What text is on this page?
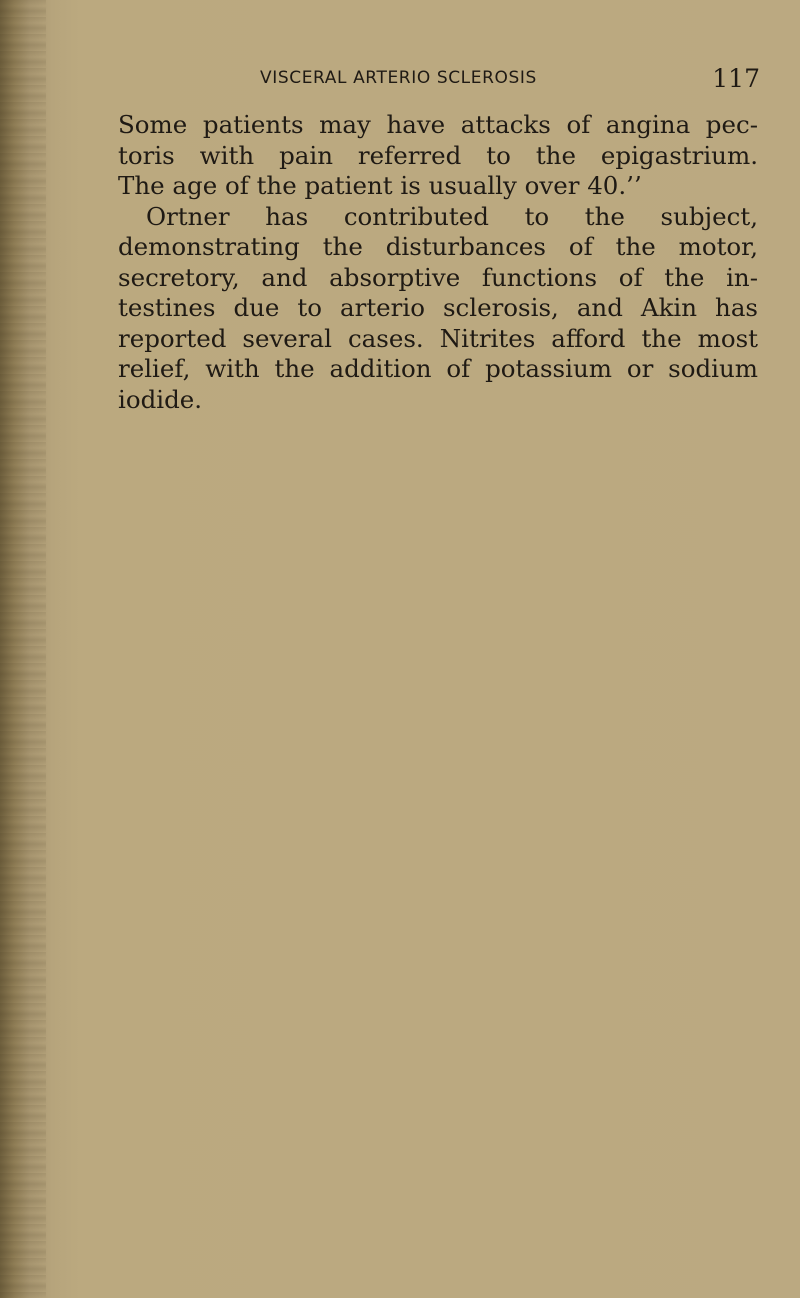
VISCERAL ARTERIO SCLEROSIS	117
Some patients may have attacks of angina pec-
toris with pain referred to the epigastrium.
The age of the patient is usually over 40.’’
Ortner has contributed to the subject,
demonstrating the disturbances of the motor,
secretory, and absorptive functions of the in-
testines due to arterio sclerosis, and Akin has
reported several cases. Nitrites afford the most
relief, with the addition of potassium or sodium
iodide.
